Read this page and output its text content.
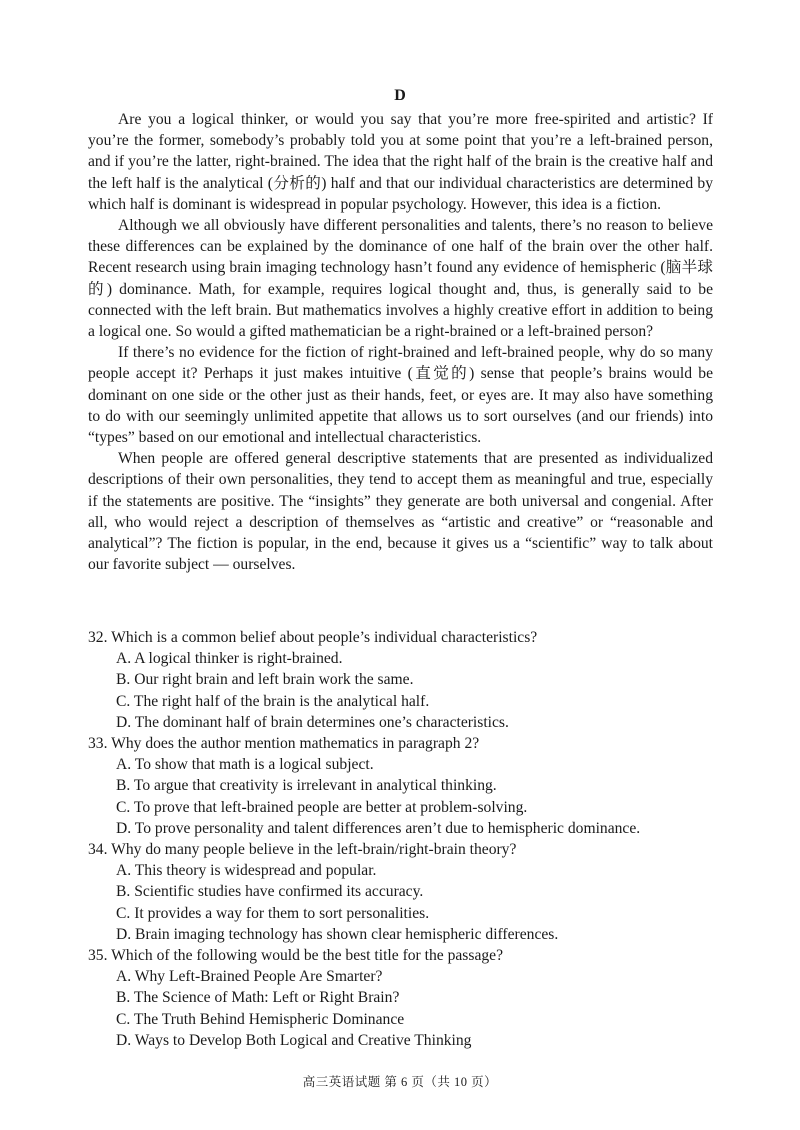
D

Are you a logical thinker, or would you say that you’re more free-spirited and artistic? If you’re the former, somebody’s probably told you at some point that you’re a left-brained person, and if you’re the latter, right-brained. The idea that the right half of the brain is the creative half and the left half is the analytical (分析的) half and that our individual characteristics are determined by which half is dominant is widespread in popular psychology. However, this idea is a fiction.

Although we all obviously have different personalities and talents, there’s no reason to believe these differences can be explained by the dominance of one half of the brain over the other half. Recent research using brain imaging technology hasn’t found any evidence of hemispheric (脑半球的) dominance. Math, for example, requires logical thought and, thus, is generally said to be connected with the left brain. But mathematics involves a highly creative effort in addition to being a logical one. So would a gifted mathematician be a right-brained or a left-brained person?

If there’s no evidence for the fiction of right-brained and left-brained people, why do so many people accept it? Perhaps it just makes intuitive (直觉的) sense that people’s brains would be dominant on one side or the other just as their hands, feet, or eyes are. It may also have something to do with our seemingly unlimited appetite that allows us to sort ourselves (and our friends) into “types” based on our emotional and intellectual characteristics.

When people are offered general descriptive statements that are presented as individualized descriptions of their own personalities, they tend to accept them as meaningful and true, especially if the statements are positive. The “insights” they generate are both universal and congenial. After all, who would reject a description of themselves as “artistic and creative” or “reasonable and analytical”? The fiction is popular, in the end, because it gives us a “scientific” way to talk about our favorite subject — ourselves.

32. Which is a common belief about people’s individual characteristics?
A. A logical thinker is right-brained.
B. Our right brain and left brain work the same.
C. The right half of the brain is the analytical half.
D. The dominant half of brain determines one’s characteristics.
33. Why does the author mention mathematics in paragraph 2?
A. To show that math is a logical subject.
B. To argue that creativity is irrelevant in analytical thinking.
C. To prove that left-brained people are better at problem-solving.
D. To prove personality and talent differences aren’t due to hemispheric dominance.
34. Why do many people believe in the left-brain/right-brain theory?
A. This theory is widespread and popular.
B. Scientific studies have confirmed its accuracy.
C. It provides a way for them to sort personalities.
D. Brain imaging technology has shown clear hemispheric differences.
35. Which of the following would be the best title for the passage?
A. Why Left-Brained People Are Smarter?
B. The Science of Math: Left or Right Brain?
C. The Truth Behind Hemispheric Dominance
D. Ways to Develop Both Logical and Creative Thinking
高三英语试题 第 6 页（共 10 页）
